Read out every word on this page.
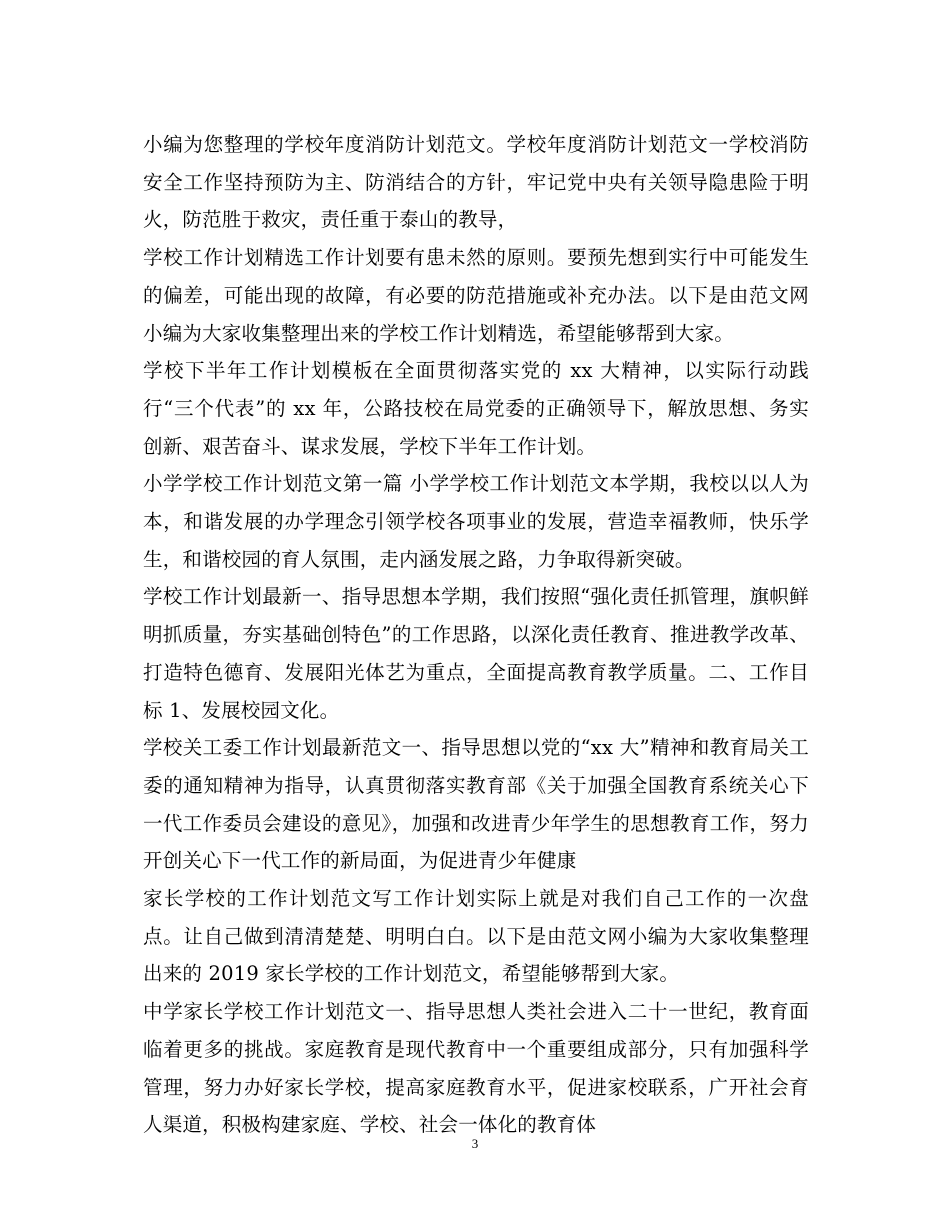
小编为您整理的学校年度消防计划范文。学校年度消防计划范文一学校消防安全工作坚持预防为主、防消结合的方针，牢记党中央有关领导隐患险于明火，防范胜于救灾，责任重于泰山的教导，

学校工作计划精选工作计划要有患未然的原则。要预先想到实行中可能发生的偏差，可能出现的故障，有必要的防范措施或补充办法。以下是由范文网小编为大家收集整理出来的学校工作计划精选，希望能够帮到大家。

学校下半年工作计划模板在全面贯彻落实党的 xx 大精神，以实际行动践行“三个代表”的 xx 年，公路技校在局党委的正确领导下，解放思想、务实创新、艰苦奋斗、谋求发展，学校下半年工作计划。

小学学校工作计划范文第一篇 小学学校工作计划范文本学期，我校以以人为本，和谐发展的办学理念引领学校各项事业的发展，营造幸福教师，快乐学生，和谐校园的育人氛围，走内涵发展之路，力争取得新突破。

学校工作计划最新一、指导思想本学期，我们按照“强化责任抓管理，旗帜鲜明抓质量，夯实基础创特色”的工作思路，以深化责任教育、推进教学改革、打造特色德育、发展阳光体艺为重点，全面提高教育教学质量。二、工作目标 1、发展校园文化。

学校关工委工作计划最新范文一、指导思想以党的“xx 大”精神和教育局关工委的通知精神为指导，认真贯彻落实教育部《关于加强全国教育系统关心下一代工作委员会建设的意见》，加强和改进青少年学生的思想教育工作，努力开创关心下一代工作的新局面，为促进青少年健康

家长学校的工作计划范文写工作计划实际上就是对我们自己工作的一次盘点。让自己做到清清楚楚、明明白白。以下是由范文网小编为大家收集整理出来的 2019 家长学校的工作计划范文，希望能够帮到大家。

中学家长学校工作计划范文一、指导思想人类社会进入二十一世纪，教育面临着更多的挑战。家庭教育是现代教育中一个重要组成部分，只有加强科学管理，努力办好家长学校，提高家庭教育水平，促进家校联系，广开社会育人渠道，积极构建家庭、学校、社会一体化的教育体

3
